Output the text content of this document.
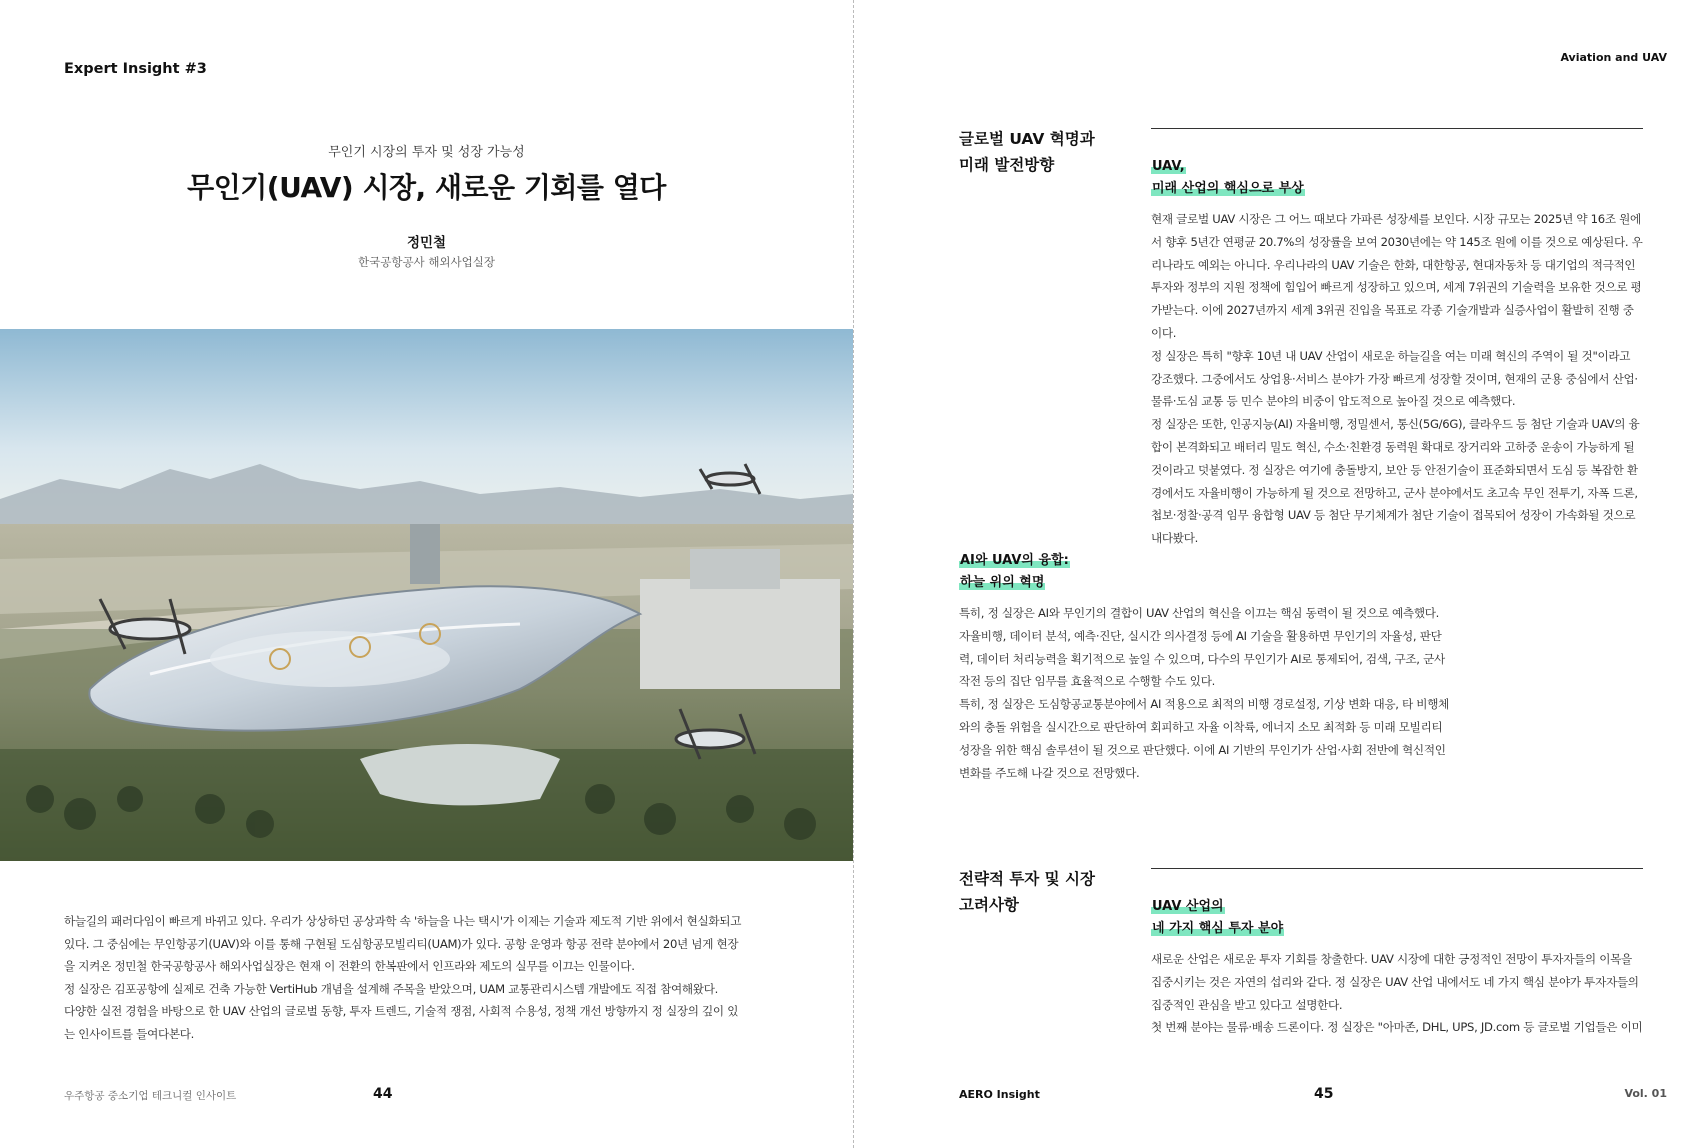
Expert Insight #3
무인기 시장의 투자 및 성장 가능성
무인기(UAV) 시장, 새로운 기회를 열다
정민철
한국공항공사 해외사업실장

하늘길의 패러다임이 빠르게 바뀌고 있다. 우리가 상상하던 공상과학 속 '하늘을 나는 택시'가 이제는 기술과 제도적 기반 위에서 현실화되고 있다. 그 중심에는 무인항공기(UAV)와 이를 통해 구현될 도심항공모빌리티(UAM)가 있다. 공항 운영과 항공 전략 분야에서 20년 넘게 현장을 지켜온 정민철 한국공항공사 해외사업실장은 현재 이 전환의 한복판에서 인프라와 제도의 실무를 이끄는 인물이다.

정 실장은 김포공항에 실제로 건축 가능한 VertiHub 개념을 설계해 주목을 받았으며, UAM 교통관리시스템 개발에도 직접 참여해왔다.

다양한 실전 경험을 바탕으로 한 UAV 산업의 글로벌 동향, 투자 트렌드, 기술적 쟁점, 사회적 수용성, 정책 개선 방향까지 정 실장의 깊이 있는 인사이트를 들여다본다.

우주항공 중소기업 테크니컬 인사이트	44
Aviation and UAV
글로벌 UAV 혁명과
미래 발전방향	UAV,
미래 산업의 핵심으로 부상

현재 글로벌 UAV 시장은 그 어느 때보다 가파른 성장세를 보인다. 시장 규모는 2025년 약 16조 원에서 향후 5년간 연평균 20.7%의 성장률을 보여 2030년에는 약 145조 원에 이를 것으로 예상된다. 우리나라도 예외는 아니다. 우리나라의 UAV 기술은 한화, 대한항공, 현대자동차 등 대기업의 적극적인 투자와 정부의 지원 정책에 힘입어 빠르게 성장하고 있으며, 세계 7위권의 기술력을 보유한 것으로 평가받는다. 이에 2027년까지 세계 3위권 진입을 목표로 각종 기술개발과 실증사업이 활발히 진행 중이다.

정 실장은 특히 "향후 10년 내 UAV 산업이 새로운 하늘길을 여는 미래 혁신의 주역이 될 것"이라고 강조했다. 그중에서도 상업용·서비스 분야가 가장 빠르게 성장할 것이며, 현재의 군용 중심에서 산업·물류·도심 교통 등 민수 분야의 비중이 압도적으로 높아질 것으로 예측했다.

정 실장은 또한, 인공지능(AI) 자율비행, 정밀센서, 통신(5G/6G), 클라우드 등 첨단 기술과 UAV의 융합이 본격화되고 배터리 밀도 혁신, 수소·친환경 동력원 확대로 장거리와 고하중 운송이 가능하게 될 것이라고 덧붙였다. 정 실장은 여기에 충돌방지, 보안 등 안전기술이 표준화되면서 도심 등 복잡한 환경에서도 자율비행이 가능하게 될 것으로 전망하고, 군사 분야에서도 초고속 무인 전투기, 자폭 드론, 첩보·정찰·공격 임무 융합형 UAV 등 첨단 무기체계가 첨단 기술이 접목되어 성장이 가속화될 것으로 내다봤다.

AI와 UAV의 융합:
하늘 위의 혁명

특히, 정 실장은 AI와 무인기의 결합이 UAV 산업의 혁신을 이끄는 핵심 동력이 될 것으로 예측했다. 자율비행, 데이터 분석, 예측·진단, 실시간 의사결정 등에 AI 기술을 활용하면 무인기의 자율성, 판단력, 데이터 처리능력을 획기적으로 높일 수 있으며, 다수의 무인기가 AI로 통제되어, 검색, 구조, 군사 작전 등의 집단 임무를 효율적으로 수행할 수도 있다.

특히, 정 실장은 도심항공교통분야에서 AI 적용으로 최적의 비행 경로설정, 기상 변화 대응, 타 비행체와의 충돌 위험을 실시간으로 판단하여 회피하고 자율 이착륙, 에너지 소모 최적화 등 미래 모빌리티 성장을 위한 핵심 솔루션이 될 것으로 판단했다. 이에 AI 기반의 무인기가 산업·사회 전반에 혁신적인 변화를 주도해 나갈 것으로 전망했다.

전략적 투자 및 시장
고려사항	UAV 산업의
네 가지 핵심 투자 분야

새로운 산업은 새로운 투자 기회를 창출한다. UAV 시장에 대한 긍정적인 전망이 투자자들의 이목을 집중시키는 것은 자연의 섭리와 같다. 정 실장은 UAV 산업 내에서도 네 가지 핵심 분야가 투자자들의 집중적인 관심을 받고 있다고 설명한다.

첫 번째 분야는 물류·배송 드론이다. 정 실장은 "아마존, DHL, UPS, JD.com 등 글로벌 기업들은 이미

AERO Insight	45	Vol. 01
